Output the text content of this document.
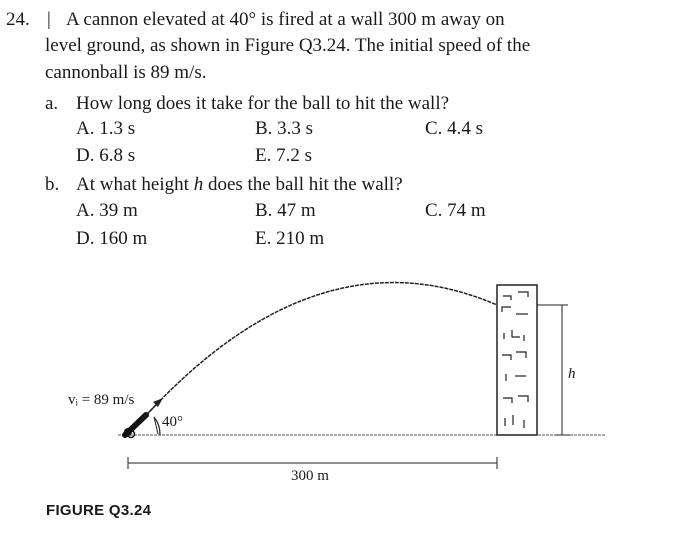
24. | A cannon elevated at 40° is fired at a wall 300 m away on
level ground, as shown in Figure Q3.24. The initial speed of the
cannonball is 89 m/s.
a. How long does it take for the ball to hit the wall?
A. 1.3 s	B. 3.3 s	C. 4.4 s
D. 6.8 s	E. 7.2 s
b. At what height h does the ball hit the wall?
A. 39 m	B. 47 m	C. 74 m
D. 160 m	E. 210 m
vᵢ = 89 m/s
40°
300 m
h
FIGURE Q3.24
